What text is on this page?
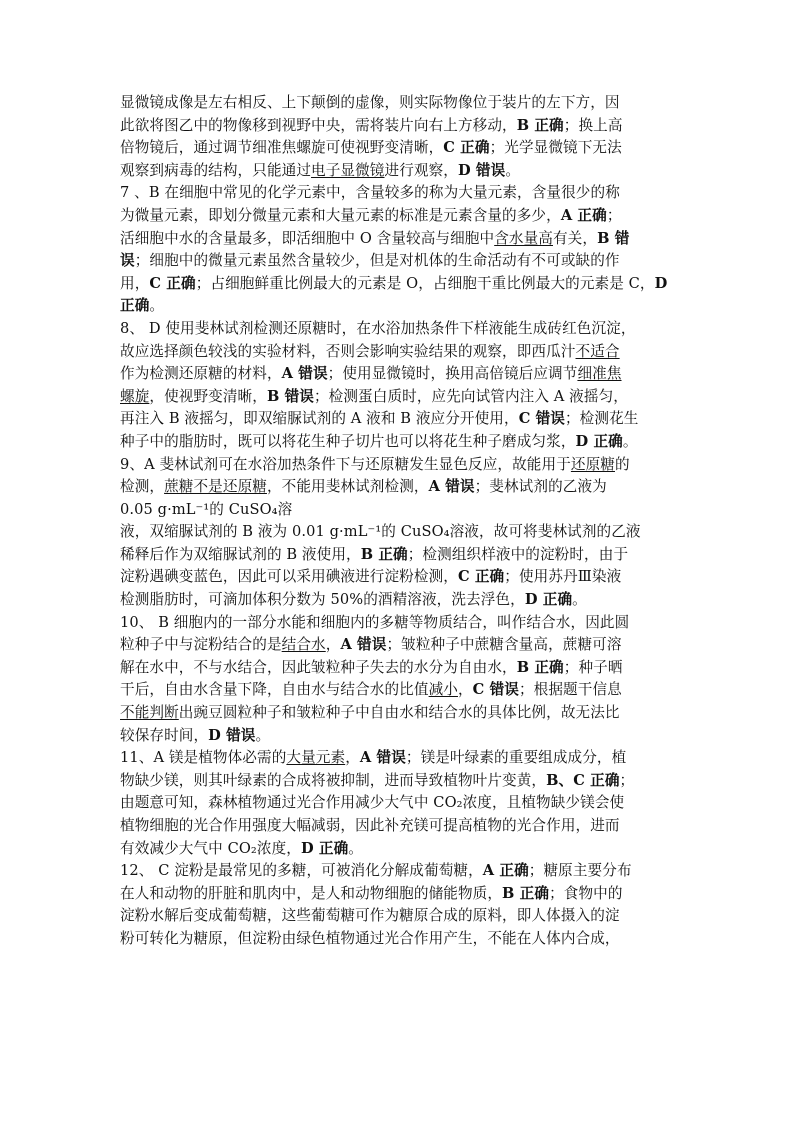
显微镜成像是左右相反、上下颠倒的虚像，则实际物像位于装片的左下方，因
此欲将图乙中的物像移到视野中央，需将装片向右上方移动，B 正确；换上高
倍物镜后，通过调节细准焦螺旋可使视野变清晰，C 正确；光学显微镜下无法
观察到病毒的结构，只能通过电子显微镜进行观察，D 错误。
7 、B 在细胞中常见的化学元素中，含量较多的称为大量元素，含量很少的称
为微量元素，即划分微量元素和大量元素的标准是元素含量的多少，A 正确；
活细胞中水的含量最多，即活细胞中 O 含量较高与细胞中含水量高有关，B 错
误；细胞中的微量元素虽然含量较少，但是对机体的生命活动有不可或缺的作
用，C 正确；占细胞鲜重比例最大的元素是 O，占细胞干重比例最大的元素是 C，D
正确。
8、 D 使用斐林试剂检测还原糖时，在水浴加热条件下样液能生成砖红色沉淀，
故应选择颜色较浅的实验材料，否则会影响实验结果的观察，即西瓜汁不适合
作为检测还原糖的材料，A 错误；使用显微镜时，换用高倍镜后应调节细准焦
螺旋，使视野变清晰，B 错误；检测蛋白质时，应先向试管内注入 A 液摇匀，
再注入 B 液摇匀，即双缩脲试剂的 A 液和 B 液应分开使用，C 错误；检测花生
种子中的脂肪时，既可以将花生种子切片也可以将花生种子磨成匀浆，D 正确。
9、A 斐林试剂可在水浴加热条件下与还原糖发生显色反应，故能用于还原糖的
检测，蔗糖不是还原糖，不能用斐林试剂检测，A 错误；斐林试剂的乙液为
0.05 g·mL⁻¹的 CuSO₄溶
液，双缩脲试剂的 B 液为 0.01 g·mL⁻¹的 CuSO₄溶液，故可将斐林试剂的乙液
稀释后作为双缩脲试剂的 B 液使用，B 正确；检测组织样液中的淀粉时，由于
淀粉遇碘变蓝色，因此可以采用碘液进行淀粉检测，C 正确；使用苏丹Ⅲ染液
检测脂肪时，可滴加体积分数为 50%的酒精溶液，洗去浮色，D 正确。
10、 B 细胞内的一部分水能和细胞内的多糖等物质结合，叫作结合水，因此圆
粒种子中与淀粉结合的是结合水，A 错误；皱粒种子中蔗糖含量高，蔗糖可溶
解在水中，不与水结合，因此皱粒种子失去的水分为自由水，B 正确；种子晒
干后，自由水含量下降，自由水与结合水的比值减小，C 错误；根据题干信息
不能判断出豌豆圆粒种子和皱粒种子中自由水和结合水的具体比例，故无法比
较保存时间，D 错误。
11、A 镁是植物体必需的大量元素，A 错误；镁是叶绿素的重要组成成分，植
物缺少镁，则其叶绿素的合成将被抑制，进而导致植物叶片变黄，B、C 正确；
由题意可知，森林植物通过光合作用减少大气中 CO₂浓度，且植物缺少镁会使
植物细胞的光合作用强度大幅减弱，因此补充镁可提高植物的光合作用，进而
有效减少大气中 CO₂浓度，D 正确。
12、 C 淀粉是最常见的多糖，可被消化分解成葡萄糖，A 正确；糖原主要分布
在人和动物的肝脏和肌肉中，是人和动物细胞的储能物质，B 正确；食物中的
淀粉水解后变成葡萄糖，这些葡萄糖可作为糖原合成的原料，即人体摄入的淀
粉可转化为糖原，但淀粉由绿色植物通过光合作用产生，不能在人体内合成，
